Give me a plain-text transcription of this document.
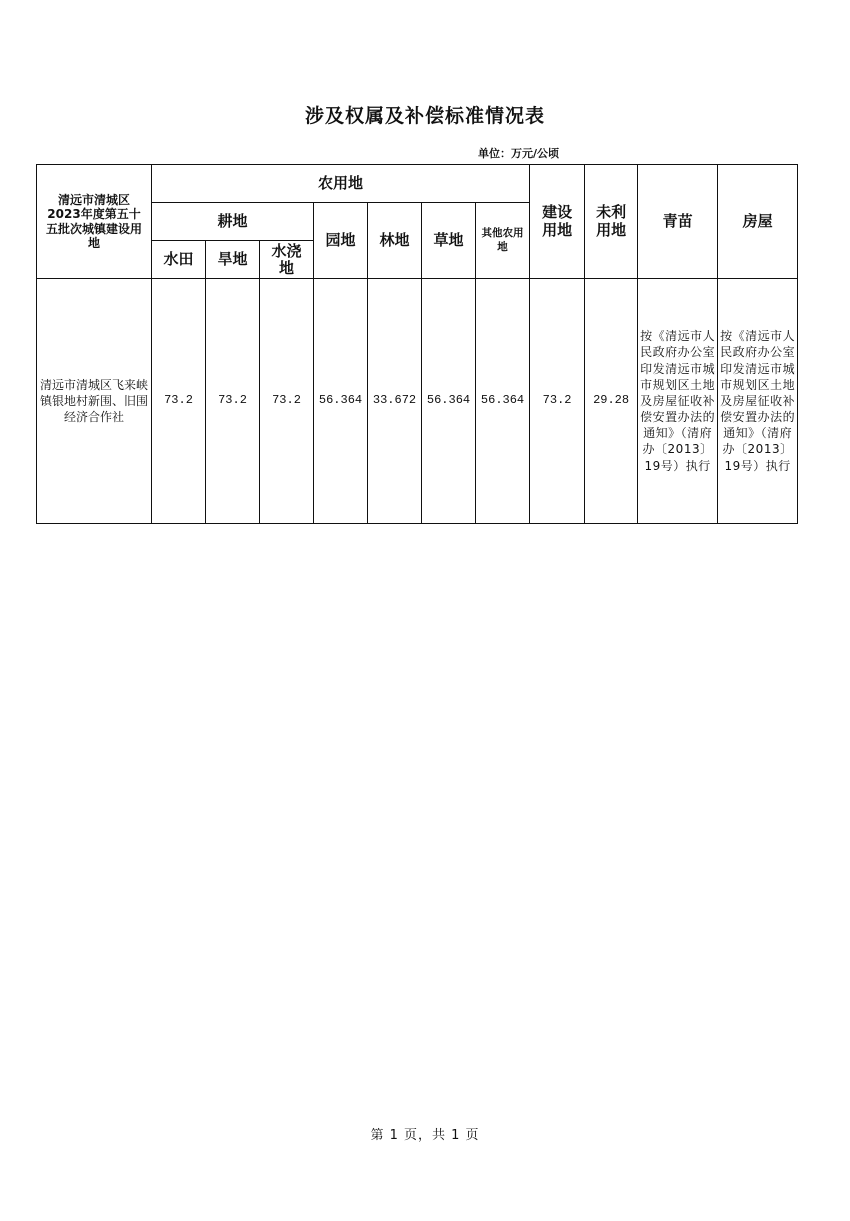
涉及权属及补偿标准情况表
单位：万元/公顷
清远市清城区2023年度第五十五批次城镇建设用地	农用地							建设用地	未利用地	青苗	房屋
	耕地			园地	林地	草地	其他农用地				

	水田	旱地	水浇地								

清远市清城区飞来峡镇银地村新围、旧围经济合作社	73.2	73.2	73.2	56.364	33.672	56.364	56.364	73.2	29.28	按《清远市人民政府办公室印发清远市城市规划区土地及房屋征收补偿安置办法的通知》（清府办〔2013〕19号）执行	按《清远市人民政府办公室印发清远市城市规划区土地及房屋征收补偿安置办法的通知》（清府办〔2013〕19号）执行
第 1 页，共 1 页
